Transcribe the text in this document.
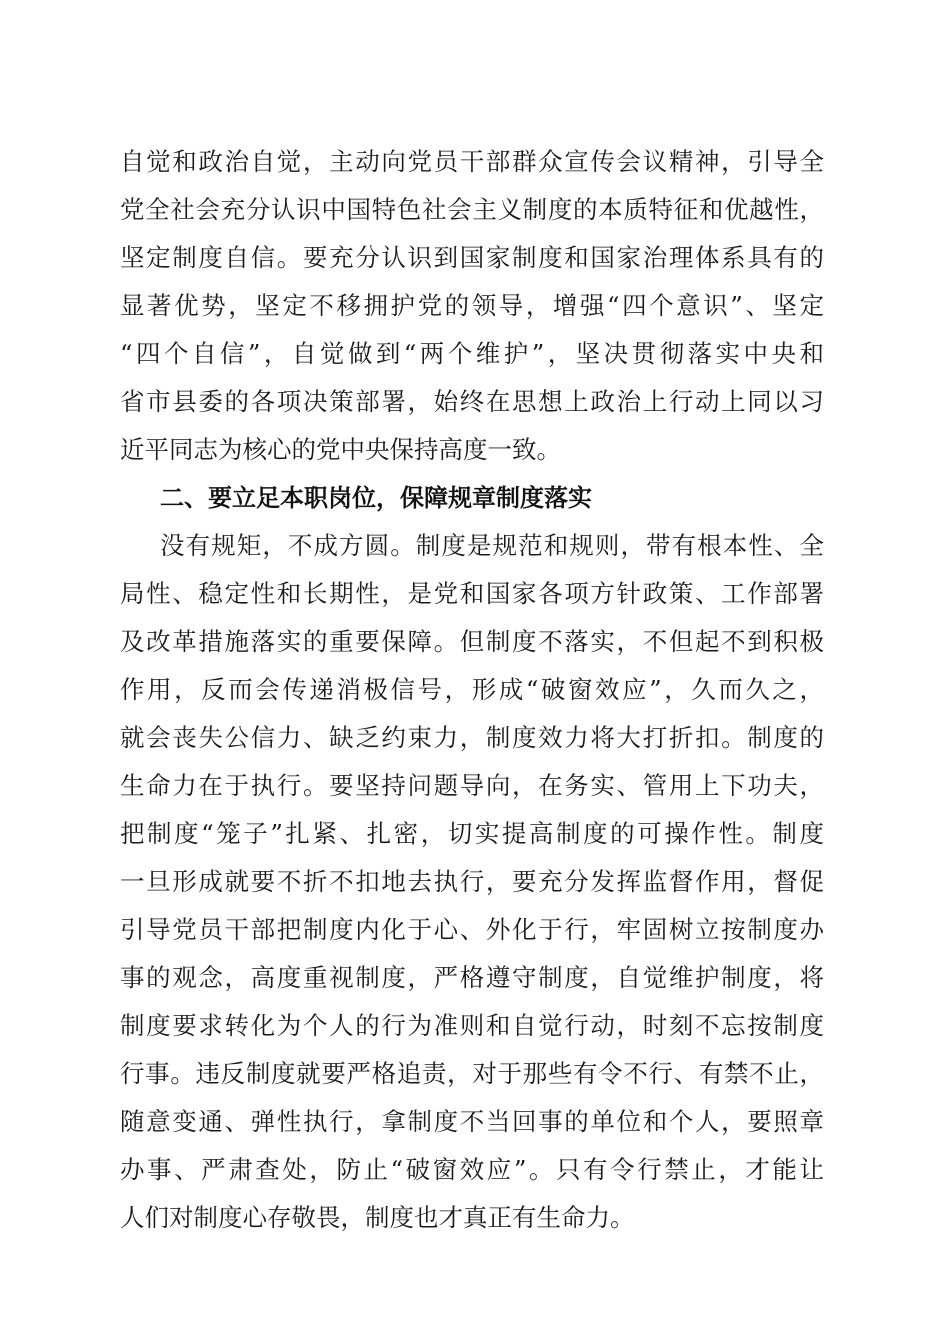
自觉和政治自觉，主动向党员干部群众宣传会议精神，引导全
党全社会充分认识中国特色社会主义制度的本质特征和优越性，
坚定制度自信。要充分认识到国家制度和国家治理体系具有的
显著优势，坚定不移拥护党的领导，增强“四个意识”、坚定
“四个自信”，自觉做到“两个维护”，坚决贯彻落实中央和
省市县委的各项决策部署，始终在思想上政治上行动上同以习
近平同志为核心的党中央保持高度一致。
二、要立足本职岗位，保障规章制度落实
没有规矩，不成方圆。制度是规范和规则，带有根本性、全
局性、稳定性和长期性，是党和国家各项方针政策、工作部署
及改革措施落实的重要保障。但制度不落实，不但起不到积极
作用，反而会传递消极信号，形成“破窗效应”，久而久之，
就会丧失公信力、缺乏约束力，制度效力将大打折扣。制度的
生命力在于执行。要坚持问题导向，在务实、管用上下功夫，
把制度“笼子”扎紧、扎密，切实提高制度的可操作性。制度
一旦形成就要不折不扣地去执行，要充分发挥监督作用，督促
引导党员干部把制度内化于心、外化于行，牢固树立按制度办
事的观念，高度重视制度，严格遵守制度，自觉维护制度，将
制度要求转化为个人的行为准则和自觉行动，时刻不忘按制度
行事。违反制度就要严格追责，对于那些有令不行、有禁不止，
随意变通、弹性执行，拿制度不当回事的单位和个人，要照章
办事、严肃查处，防止“破窗效应”。只有令行禁止，才能让
人们对制度心存敬畏，制度也才真正有生命力。
